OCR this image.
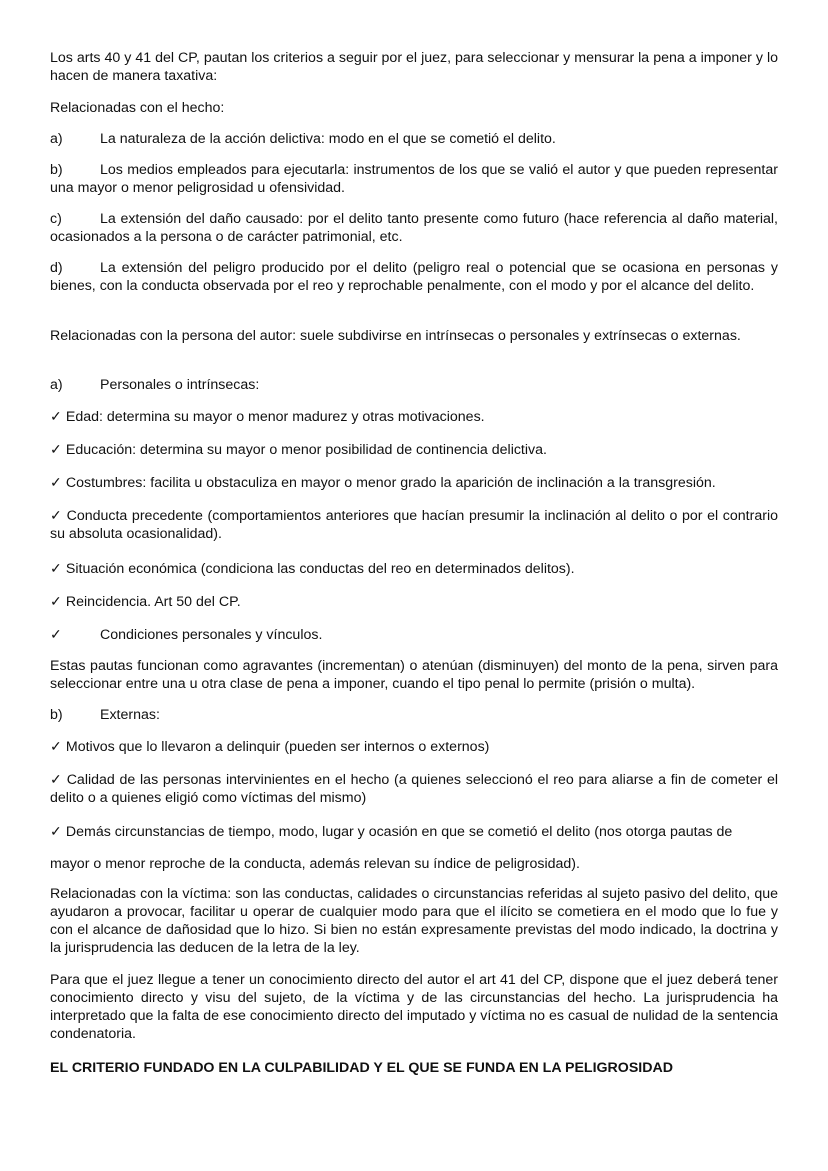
Los arts 40 y 41 del CP, pautan los criterios a seguir por el juez, para seleccionar y mensurar la pena a imponer y lo hacen de manera taxativa:

Relacionadas con el hecho:

a)	La naturaleza de la acción delictiva: modo en el que se cometió el delito.

b)	Los medios empleados para ejecutarla: instrumentos de los que se valió el autor y que pueden representar una mayor o menor peligrosidad u ofensividad.

c)	La extensión del daño causado: por el delito tanto presente como futuro (hace referencia al daño material, ocasionados a la persona o de carácter patrimonial, etc.

d)	La extensión del peligro producido por el delito (peligro real o potencial que se ocasiona en personas y bienes, con la conducta observada por el reo y reprochable penalmente, con el modo y por el alcance del delito.

Relacionadas con la persona del autor: suele subdivirse en intrínsecas o personales y extrínsecas o externas.

a)	Personales o intrínsecas:

✓ Edad: determina su mayor o menor madurez y otras motivaciones.

✓ Educación: determina su mayor o menor posibilidad de continencia delictiva.

✓ Costumbres: facilita u obstaculiza en mayor o menor grado la aparición de inclinación a la transgresión.

✓ Conducta precedente (comportamientos anteriores que hacían presumir la inclinación al delito o por el contrario su absoluta ocasionalidad).

✓ Situación económica (condiciona las conductas del reo en determinados delitos).

✓ Reincidencia. Art 50 del CP.

✓	Condiciones personales y vínculos.

Estas pautas funcionan como agravantes (incrementan) o atenúan (disminuyen) del monto de la pena, sirven para seleccionar entre una u otra clase de pena a imponer, cuando el tipo penal lo permite (prisión o multa).

b)	Externas:

✓ Motivos que lo llevaron a delinquir (pueden ser internos o externos)

✓ Calidad de las personas intervinientes en el hecho (a quienes seleccionó el reo para aliarse a fin de cometer el delito o a quienes eligió como víctimas del mismo)

✓ Demás circunstancias de tiempo, modo, lugar y ocasión en que se cometió el delito (nos otorga pautas de

mayor o menor reproche de la conducta, además relevan su índice de peligrosidad).

Relacionadas con la víctima: son las conductas, calidades o circunstancias referidas al sujeto pasivo del delito, que ayudaron a provocar, facilitar u operar de cualquier modo para que el ilícito se cometiera en el modo que lo fue y con el alcance de dañosidad que lo hizo. Si bien no están expresamente previstas del modo indicado, la doctrina y la jurisprudencia las deducen de la letra de la ley.

Para que el juez llegue a tener un conocimiento directo del autor el art 41 del CP, dispone que el juez deberá tener conocimiento directo y visu del sujeto, de la víctima y de las circunstancias del hecho. La jurisprudencia ha interpretado que la falta de ese conocimiento directo del imputado y víctima no es casual de nulidad de la sentencia condenatoria.

EL CRITERIO FUNDADO EN LA CULPABILIDAD Y EL QUE SE FUNDA EN LA PELIGROSIDAD
